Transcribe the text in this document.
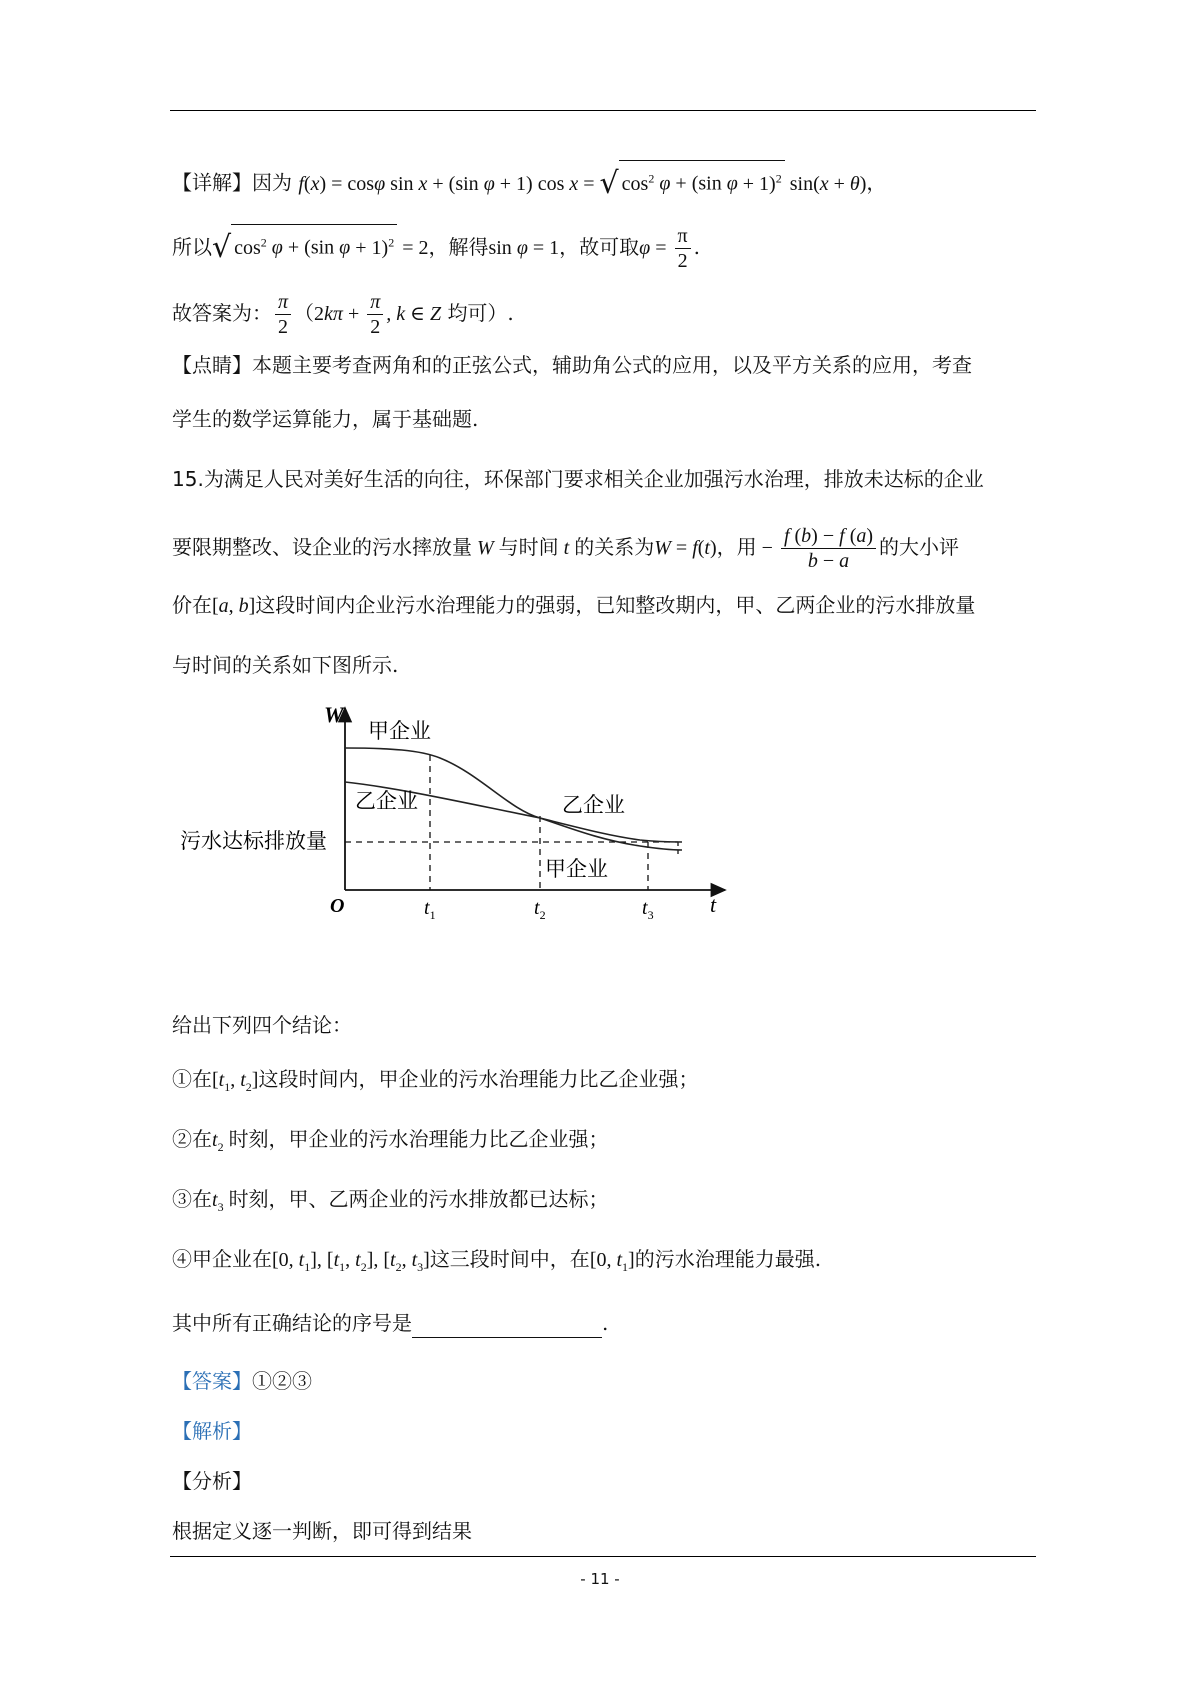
【详解】因为 f(x) = cosφ sin x + (sin φ + 1) cos x = √ $\cos^2 \varphi + (\sin$ φ + 1)$^2$ sin(x + θ)，
所以√ $\cos^2 \varphi + (\sin$ φ + 1)$^2$ = 2，解得sin φ = 1，故可取$\varphi = \frac{\pi}{2}$ .
故答案为： $\frac{\pi}{2} (2k\pi + \frac{\pi}{2}$ , k ∈ Z 均可）.
【点睛】本题主要考查两角和的正弦公式，辅助角公式的应用，以及平方关系的应用，考查
学生的数学运算能力，属于基础题.
15.为满足人民对美好生活的向往，环保部门要求相关企业加强污水治理，排放未达标的企业
要限期整改、设企业的污水摔放量 W 与时间 t 的关系为W = f(t)，用 − $\frac{f (b) - f (a)}{b - a}$ 的大小评
价在[a, b]这段时间内企业污水治理能力的强弱，已知整改期内，甲、乙两企业的污水排放量
与时间的关系如下图所示.
W
t
O
污水达标排放量
甲企业
乙企业	乙企业
甲企业
$t_1$	$t_2$	$t_3$
给出下列四个结论：
①在[$t_1$, $t_2$]这段时间内，甲企业的污水治理能力比乙企业强；
②在$t_2$ 时刻，甲企业的污水治理能力比乙企业强；
③在$t_3$ 时刻，甲、乙两企业的污水排放都已达标；
④甲企业在[0, $t_1$], [$t_1$, $t_2$], [$t_2$, $t_3$]这三段时间中，在[0, $t_1$]的污水治理能力最强.
其中所有正确结论的序号是	.
【答案】①②③
【解析】
【分析】
根据定义逐一判断，即可得到结果
- 11 -
